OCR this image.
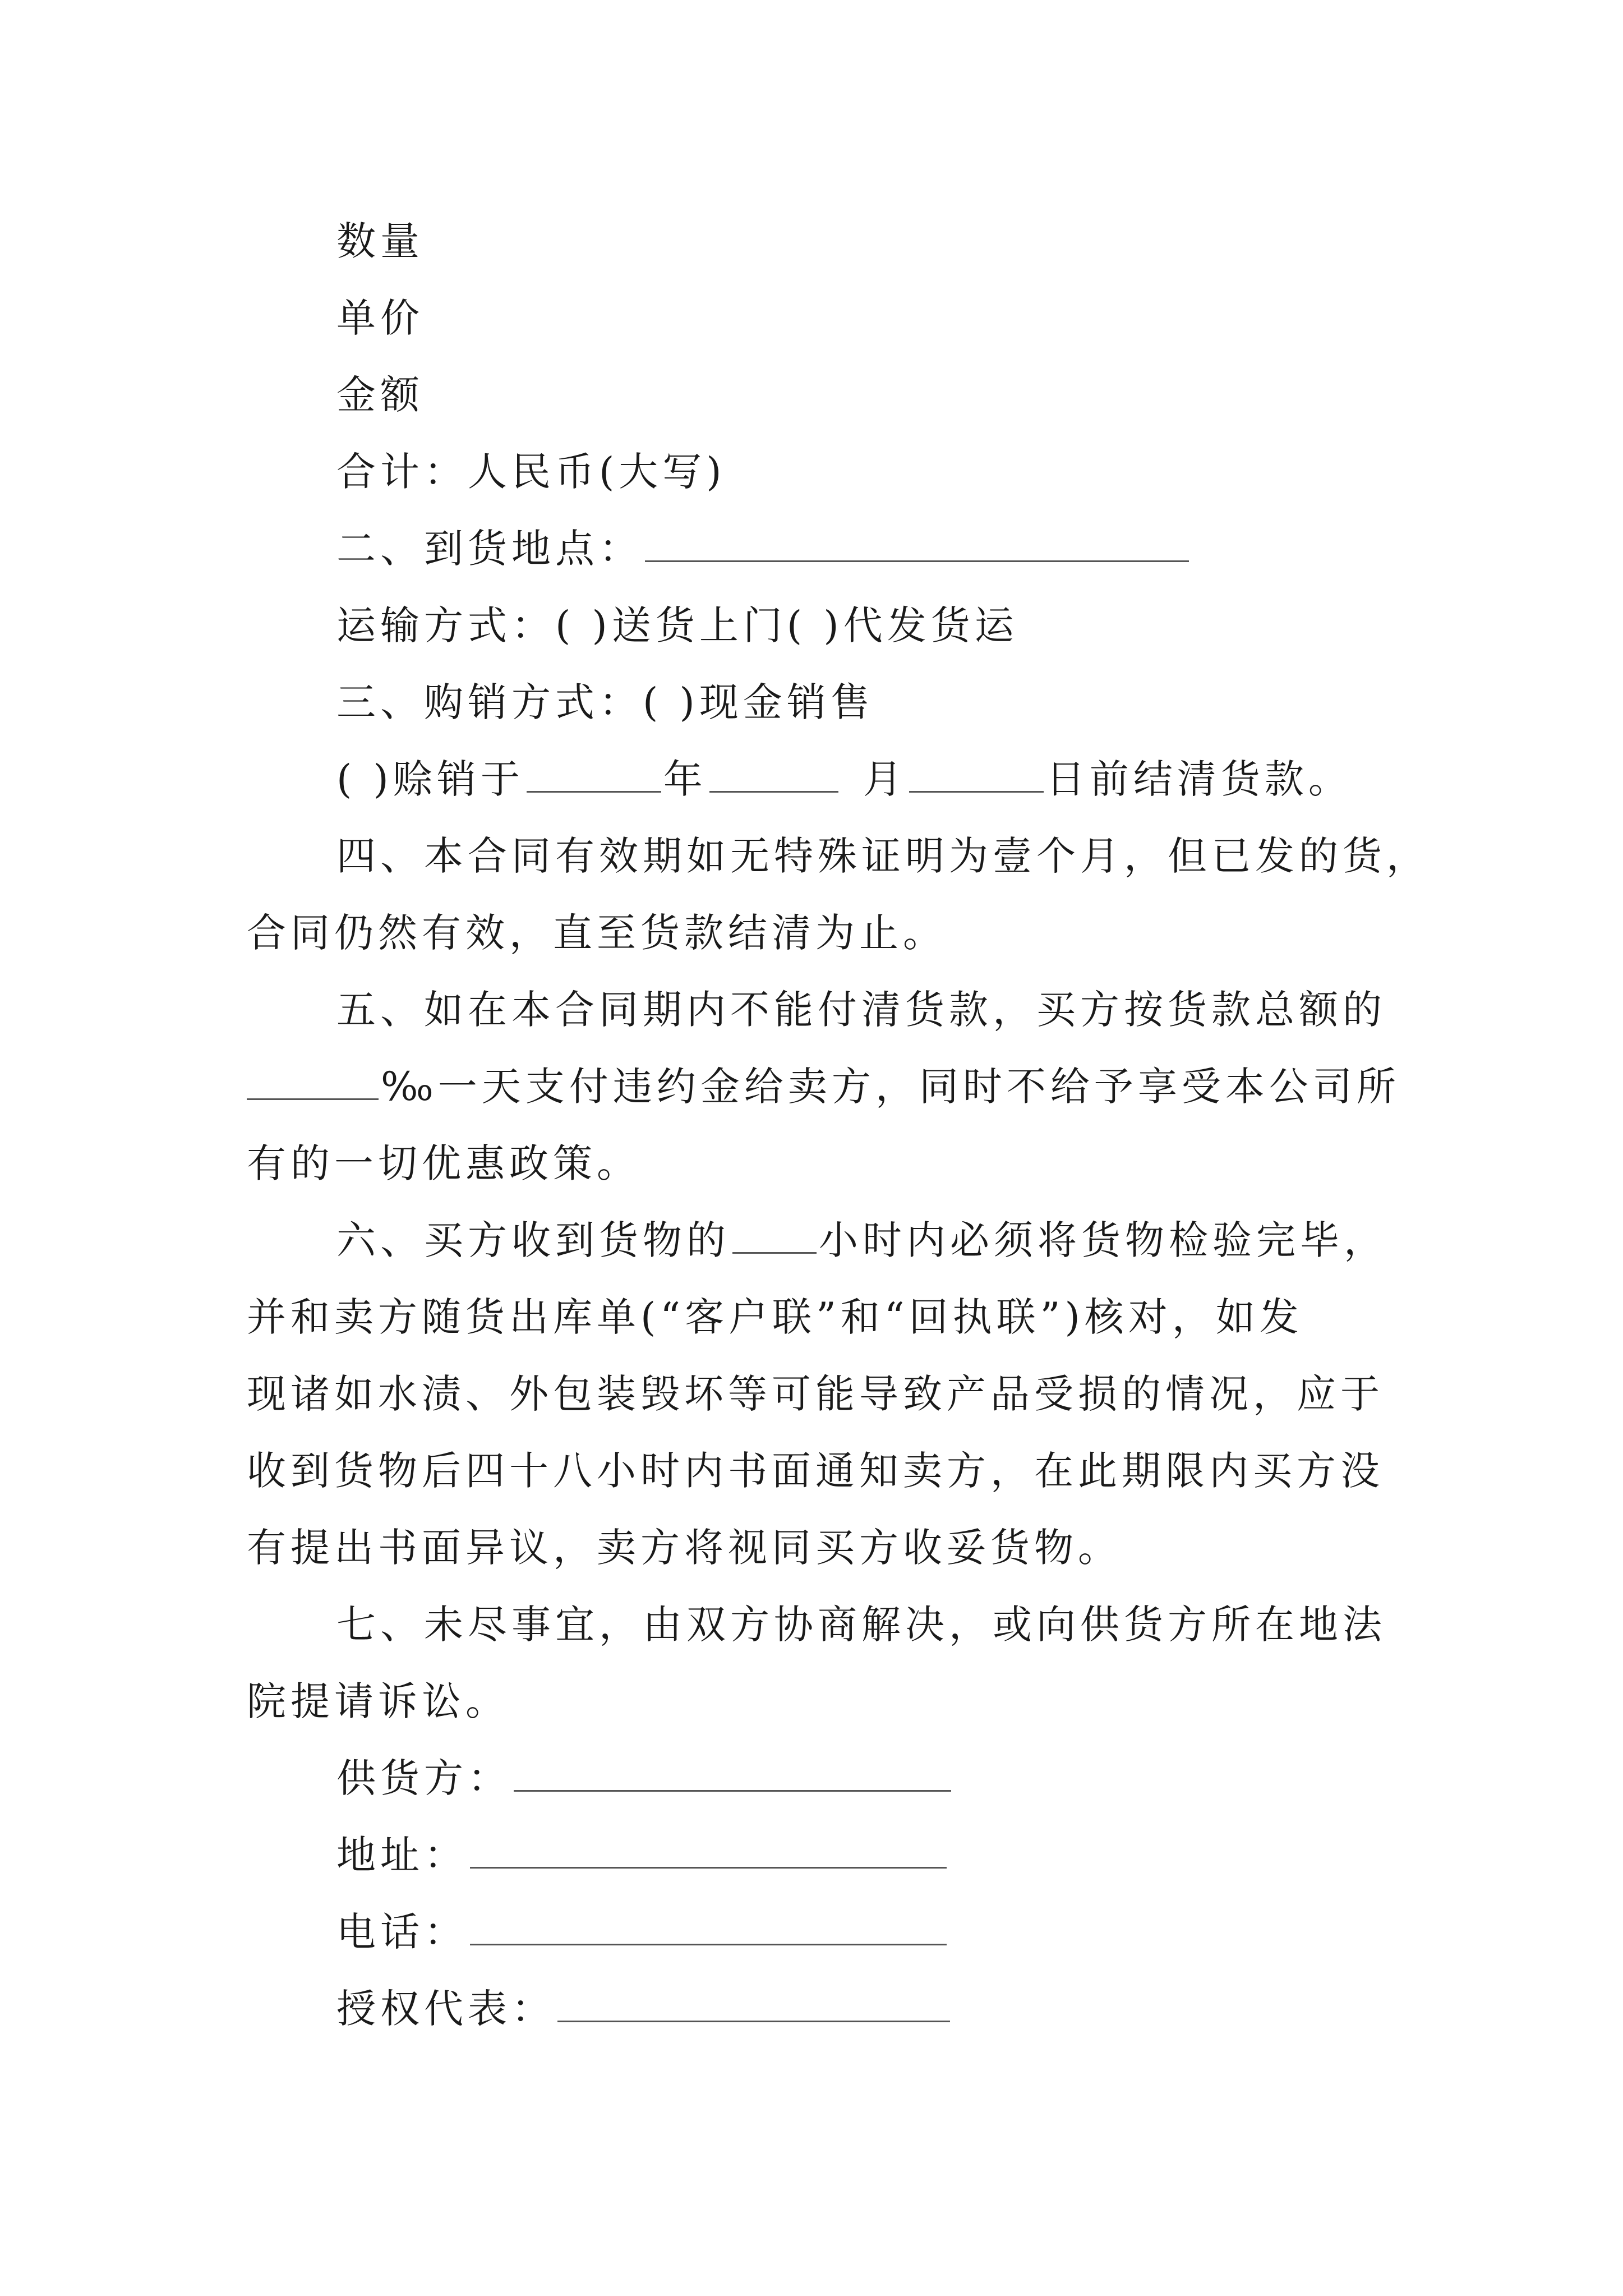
数量
单价
金额
合计：人民币(大写)
二、到货地点：
运输方式：( )送货上门( )代发货运
三、购销方式：( )现金销售
( )赊销于	年	月	日前结清货款。
四、本合同有效期如无特殊证明为壹个月，但已发的货，
合同仍然有效，直至货款结清为止。
五、如在本合同期内不能付清货款，买方按货款总额的
‰一天支付违约金给卖方，同时不给予享受本公司所
有的一切优惠政策。
六、买方收到货物的 小时内必须将货物检验完毕，
并和卖方随货出库单(“客户联”和“回执联”)核对，如发
现诸如水渍、外包装毁坏等可能导致产品受损的情况，应于
收到货物后四十八小时内书面通知卖方，在此期限内买方没
有提出书面异议，卖方将视同买方收妥货物。
七、未尽事宜，由双方协商解决，或向供货方所在地法
院提请诉讼。
供货方：
地址：
电话：
授权代表：
